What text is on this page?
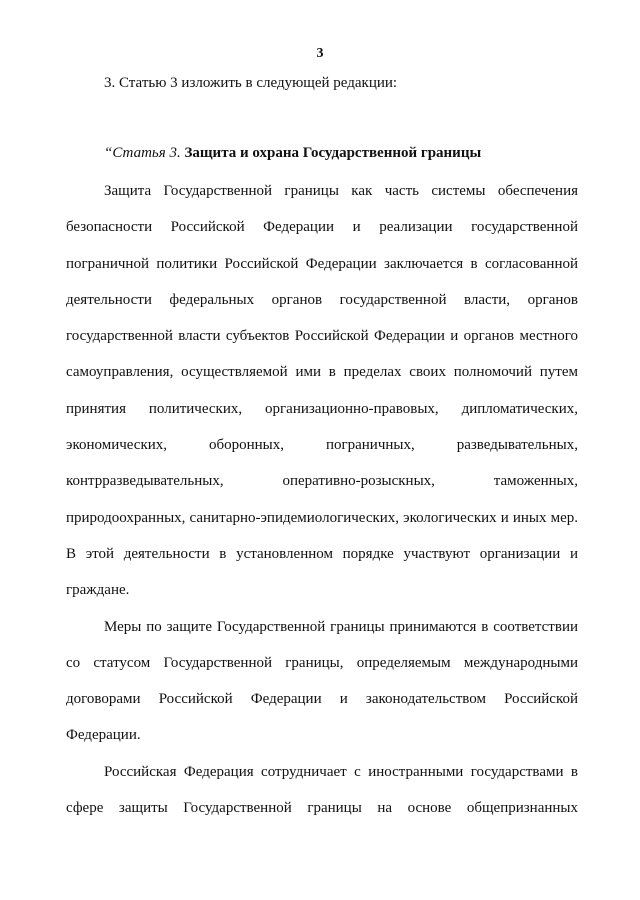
3
3. Статью 3 изложить в следующей редакции:
“Статья 3. Защита и охрана Государственной границы
Защита Государственной границы как часть системы обеспечения
безопасности Российской Федерации и реализации государственной
пограничной политики Российской Федерации заключается в согласованной
деятельности федеральных органов государственной власти, органов
государственной власти субъектов Российской Федерации и органов местного
самоуправления, осуществляемой ими в пределах своих полномочий путем
принятия политических, организационно-правовых, дипломатических,
экономических, оборонных, пограничных, разведывательных,
контрразведывательных, оперативно-розыскных, таможенных,
природоохранных, санитарно-эпидемиологических, экологических и иных мер.
В этой деятельности в установленном порядке участвуют организации и
граждане.
Меры по защите Государственной границы принимаются в соответствии
со статусом Государственной границы, определяемым международными
договорами Российской Федерации и законодательством Российской
Федерации.
Российская Федерация сотрудничает с иностранными государствами в
сфере защиты Государственной границы на основе общепризнанных
